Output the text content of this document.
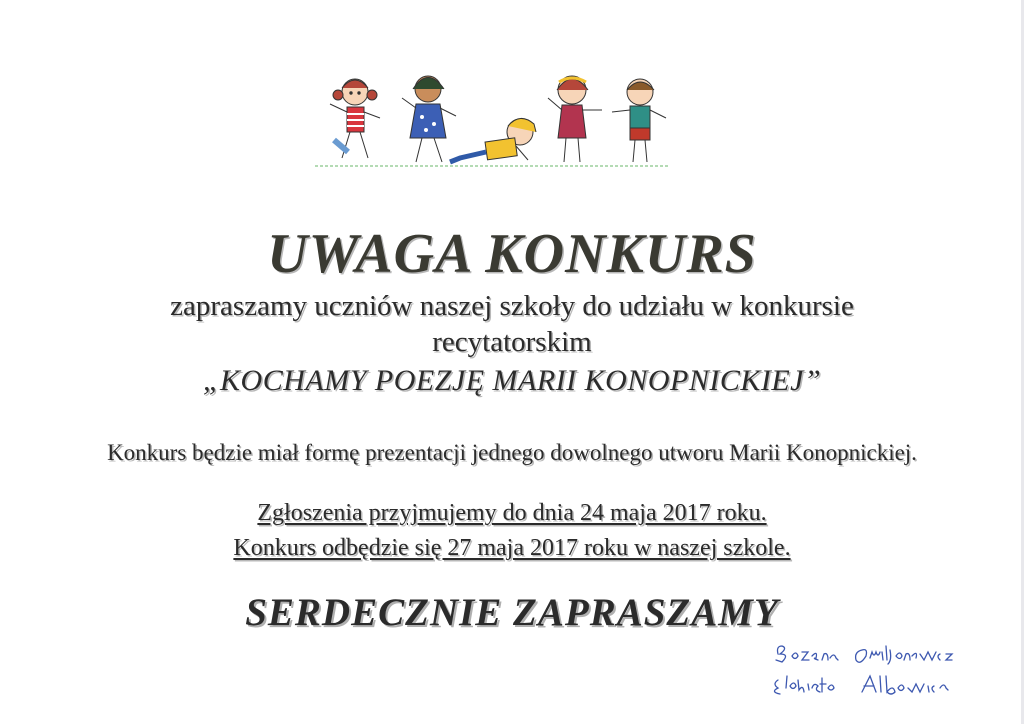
UWAGA KONKURS
zapraszamy uczniów naszej szkoły do udziału w konkursie
recytatorskim
„KOCHAMY POEZJĘ MARII KONOPNICKIEJ”
Konkurs będzie miał formę prezentacji jednego dowolnego utworu Marii Konopnickiej.
Zgłoszenia przyjmujemy do dnia 24 maja 2017 roku.
Konkurs odbędzie się 27 maja 2017 roku w naszej szkole.
SERDECZNIE ZAPRASZAMY
